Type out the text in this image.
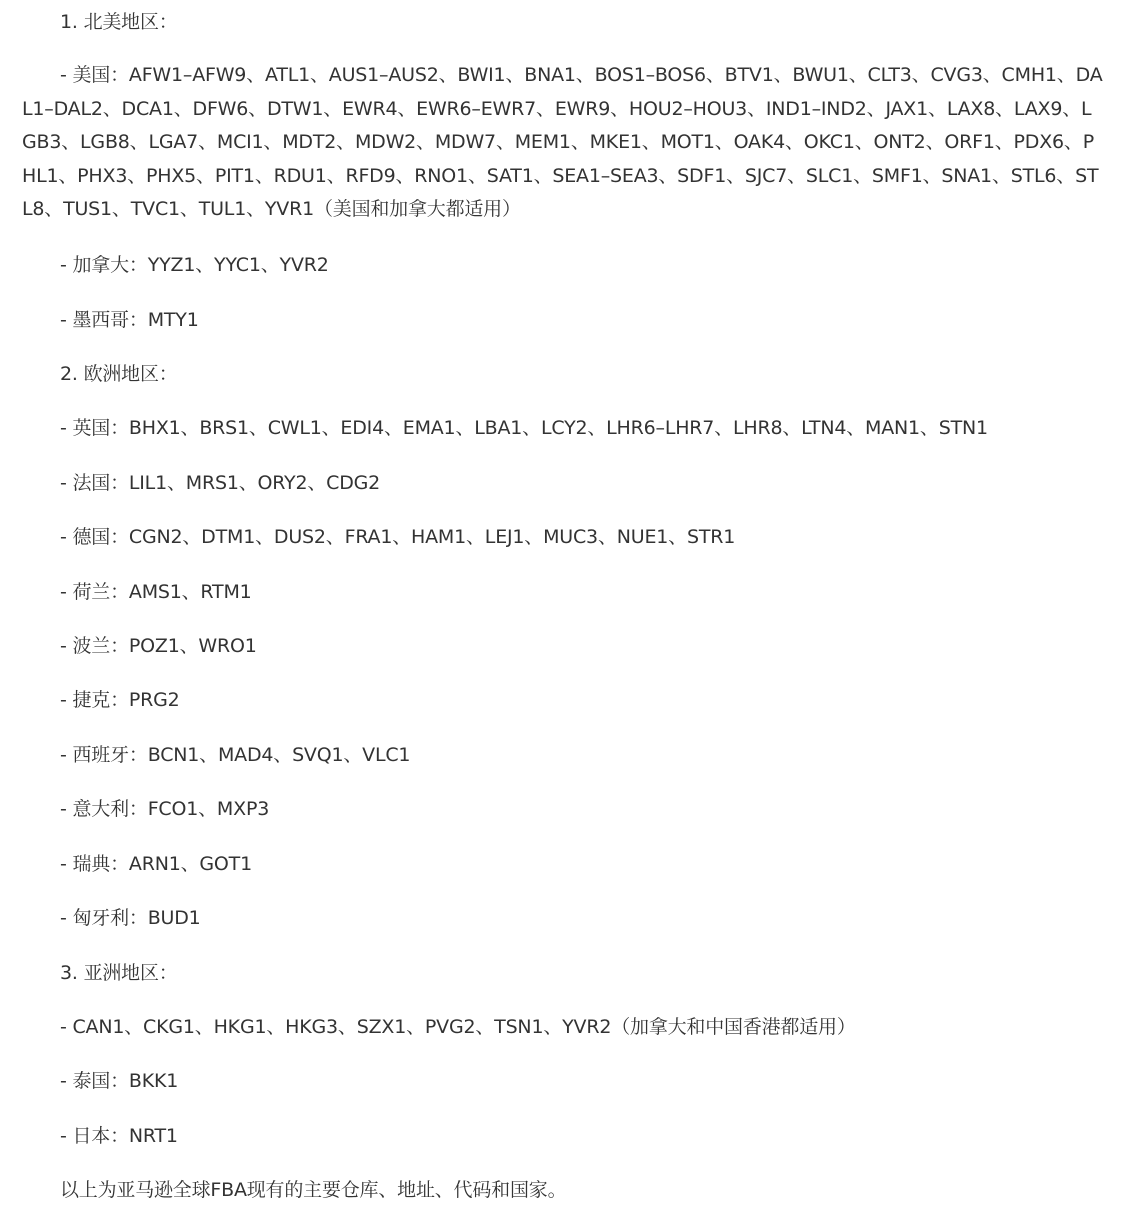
1. 北美地区：

- 美国：AFW1–AFW9、ATL1、AUS1–AUS2、BWI1、BNA1、BOS1–BOS6、BTV1、BWU1、CLT3、CVG3、CMH1、DAL1–DAL2、DCA1、DFW6、DTW1、EWR4、EWR6–EWR7、EWR9、HOU2–HOU3、IND1–IND2、JAX1、LAX8、LAX9、LGB3、LGB8、LGA7、MCI1、MDT2、MDW2、MDW7、MEM1、MKE1、MOT1、OAK4、OKC1、ONT2、ORF1、PDX6、PHL1、PHX3、PHX5、PIT1、RDU1、RFD9、RNO1、SAT1、SEA1–SEA3、SDF1、SJC7、SLC1、SMF1、SNA1、STL6、STL8、TUS1、TVC1、TUL1、YVR1（美国和加拿大都适用）

- 加拿大：YYZ1、YYC1、YVR2

- 墨西哥：MTY1

2. 欧洲地区：

- 英国：BHX1、BRS1、CWL1、EDI4、EMA1、LBA1、LCY2、LHR6–LHR7、LHR8、LTN4、MAN1、STN1

- 法国：LIL1、MRS1、ORY2、CDG2

- 德国：CGN2、DTM1、DUS2、FRA1、HAM1、LEJ1、MUC3、NUE1、STR1

- 荷兰：AMS1、RTM1

- 波兰：POZ1、WRO1

- 捷克：PRG2

- 西班牙：BCN1、MAD4、SVQ1、VLC1

- 意大利：FCO1、MXP3

- 瑞典：ARN1、GOT1

- 匈牙利：BUD1

3. 亚洲地区：

- CAN1、CKG1、HKG1、HKG3、SZX1、PVG2、TSN1、YVR2（加拿大和中国香港都适用）

- 泰国：BKK1

- 日本：NRT1

以上为亚马逊全球FBA现有的主要仓库、地址、代码和国家。
